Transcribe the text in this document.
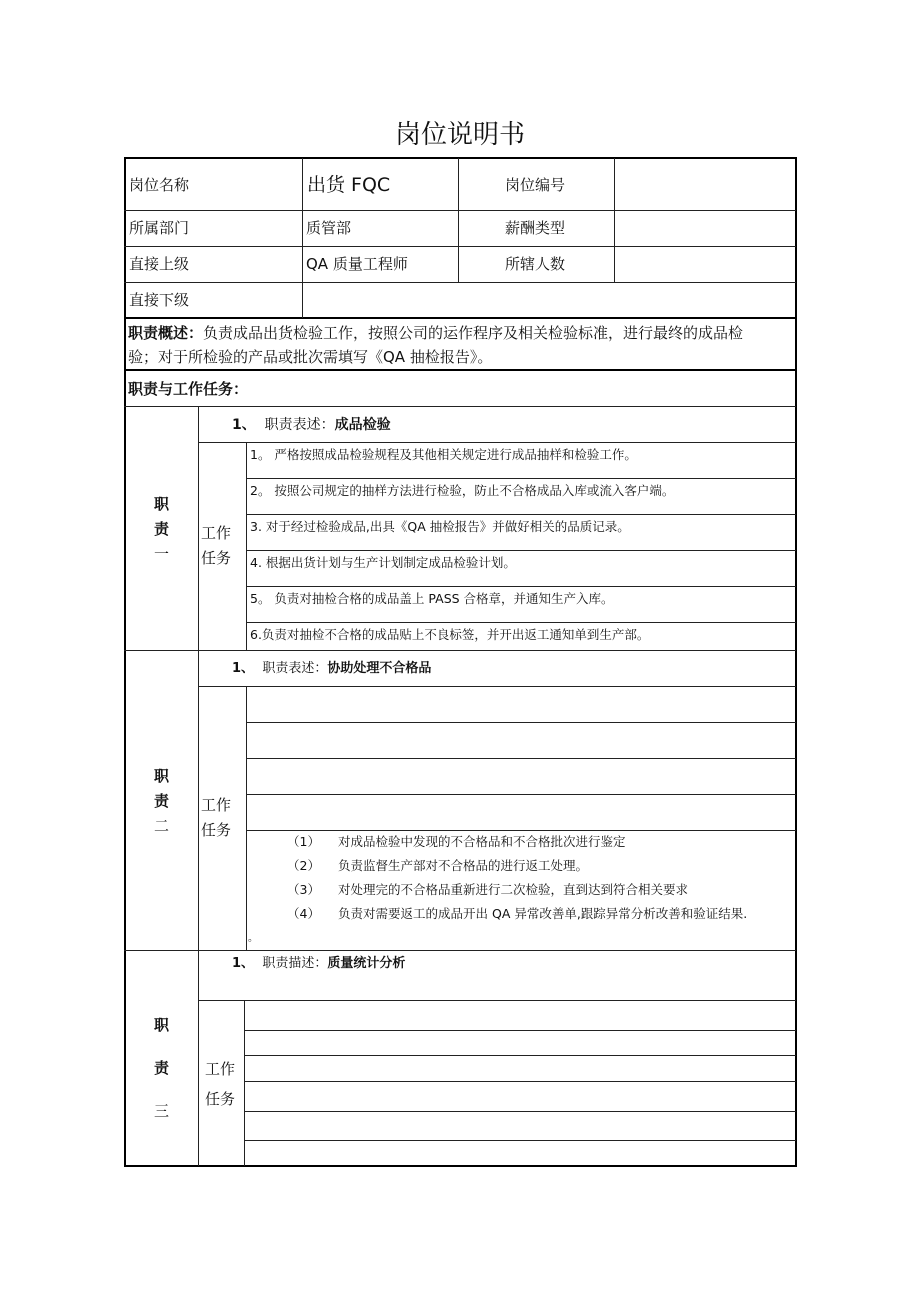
岗位说明书
岗位名称	出货 FQC	岗位编号
所属部门	质管部	薪酬类型
直接上级	QA 质量工程师	所辖人数
直接下级
职责概述：负责成品出货检验工作，按照公司的运作程序及相关检验标准，进行最终的成品检
验；对于所检验的产品或批次需填写《QA 抽检报告》。
职责与工作任务：
职
责
一
1、 职责表述：成品检验
工作
任务
1。 严格按照成品检验规程及其他相关规定进行成品抽样和检验工作。
2。 按照公司规定的抽样方法进行检验，防止不合格成品入库或流入客户端。
3. 对于经过检验成品,出具《QA 抽检报告》并做好相关的品质记录。
4. 根据出货计划与生产计划制定成品检验计划。
5。 负责对抽检合格的成品盖上 PASS 合格章，并通知生产入库。
6.负责对抽检不合格的成品贴上不良标签，并开出返工通知单到生产部。
职
责
二
1、 职责表述：协助处理不合格品
工作
任务
（1） 对成品检验中发现的不合格品和不合格批次进行鉴定
（2） 负责监督生产部对不合格品的进行返工处理。
（3） 对处理完的不合格品重新进行二次检验，直到达到符合相关要求
（4） 负责对需要返工的成品开出 QA 异常改善单,跟踪异常分析改善和验证结果.
。
职
责
三
1、 职责描述：质量统计分析
工作
任务
